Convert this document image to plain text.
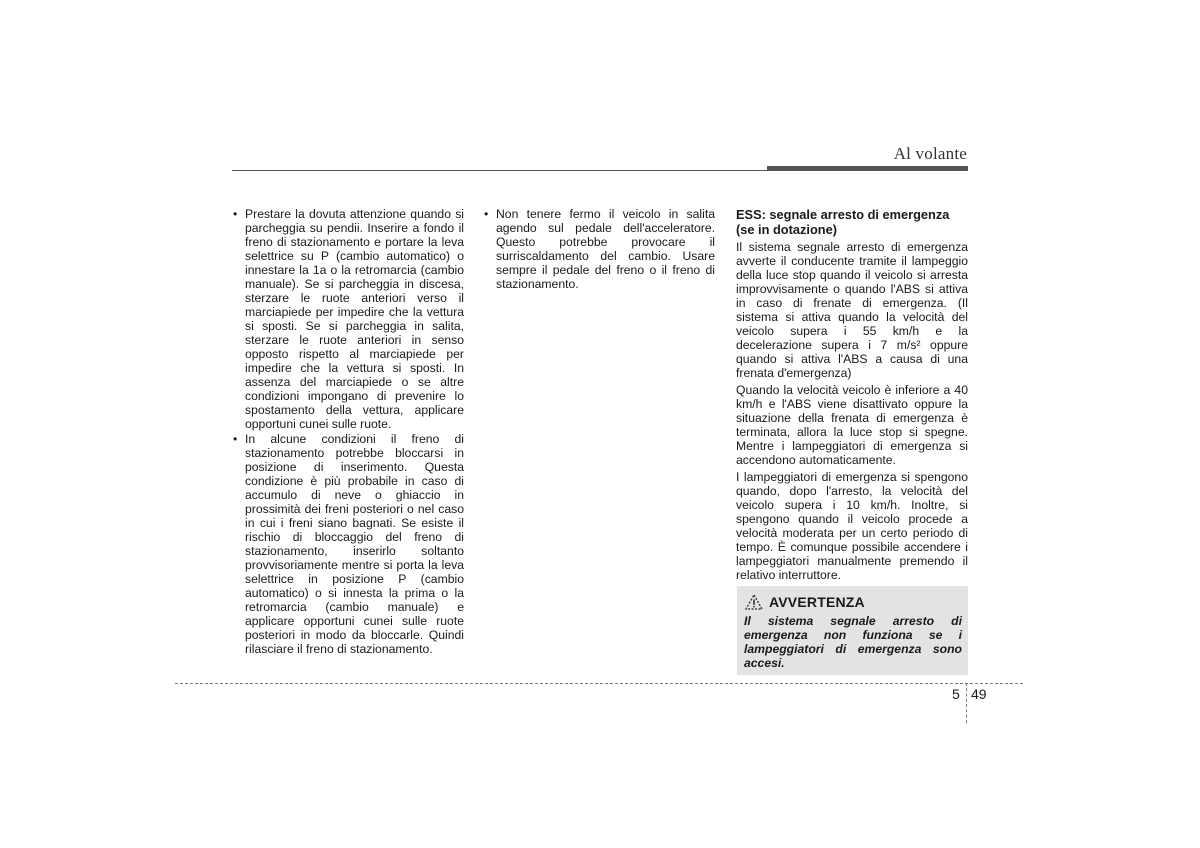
Al volante
• Prestare la dovuta attenzione quando si parcheggia su pendii. Inserire a fondo il freno di stazionamento e portare la leva selettrice su P (cambio automatico) o innestare la 1a o la retromarcia (cambio manuale). Se si parcheggia in discesa, sterzare le ruote anteriori verso il marciapiede per impedire che la vettura si sposti. Se si parcheggia in salita, sterzare le ruote anteriori in senso opposto rispetto al marciapiede per impedire che la vettura si sposti. In assenza del marciapiede o se altre condizioni impongano di prevenire lo spostamento della vettura, applicare opportuni cunei sulle ruote.
• In alcune condizioni il freno di stazionamento potrebbe bloccarsi in posizione di inserimento. Questa condizione è più probabile in caso di accumulo di neve o ghiaccio in prossimità dei freni posteriori o nel caso in cui i freni siano bagnati. Se esiste il rischio di bloccaggio del freno di stazionamento, inserirlo soltanto provvisoriamente mentre si porta la leva selettrice in posizione P (cambio automatico) o si innesta la prima o la retromarcia (cambio manuale) e applicare opportuni cunei sulle ruote posteriori in modo da bloccarle. Quindi rilasciare il freno di stazionamento.
• Non tenere fermo il veicolo in salita agendo sul pedale dell'acceleratore. Questo potrebbe provocare il surriscaldamento del cambio. Usare sempre il pedale del freno o il freno di stazionamento.
ESS: segnale arresto di emergenza (se in dotazione)

Il sistema segnale arresto di emergenza avverte il conducente tramite il lampeggio della luce stop quando il veicolo si arresta improvvisamente o quando l'ABS si attiva in caso di frenate di emergenza. (Il sistema si attiva quando la velocità del veicolo supera i 55 km/h e la decelerazione supera i 7 m/s² oppure quando si attiva l'ABS a causa di una frenata d'emergenza)

Quando la velocità veicolo è inferiore a 40 km/h e l'ABS viene disattivato oppure la situazione della frenata di emergenza è terminata, allora la luce stop si spegne. Mentre i lampeggiatori di emergenza si accendono automaticamente.

I lampeggiatori di emergenza si spengono quando, dopo l'arresto, la velocità del veicolo supera i 10 km/h. Inoltre, si spengono quando il veicolo procede a velocità moderata per un certo periodo di tempo. È comunque possibile accendere i lampeggiatori manualmente premendo il relativo interruttore.

AVVERTENZA
Il sistema segnale arresto di emergenza non funziona se i lampeggiatori di emergenza sono accesi.
5 49
